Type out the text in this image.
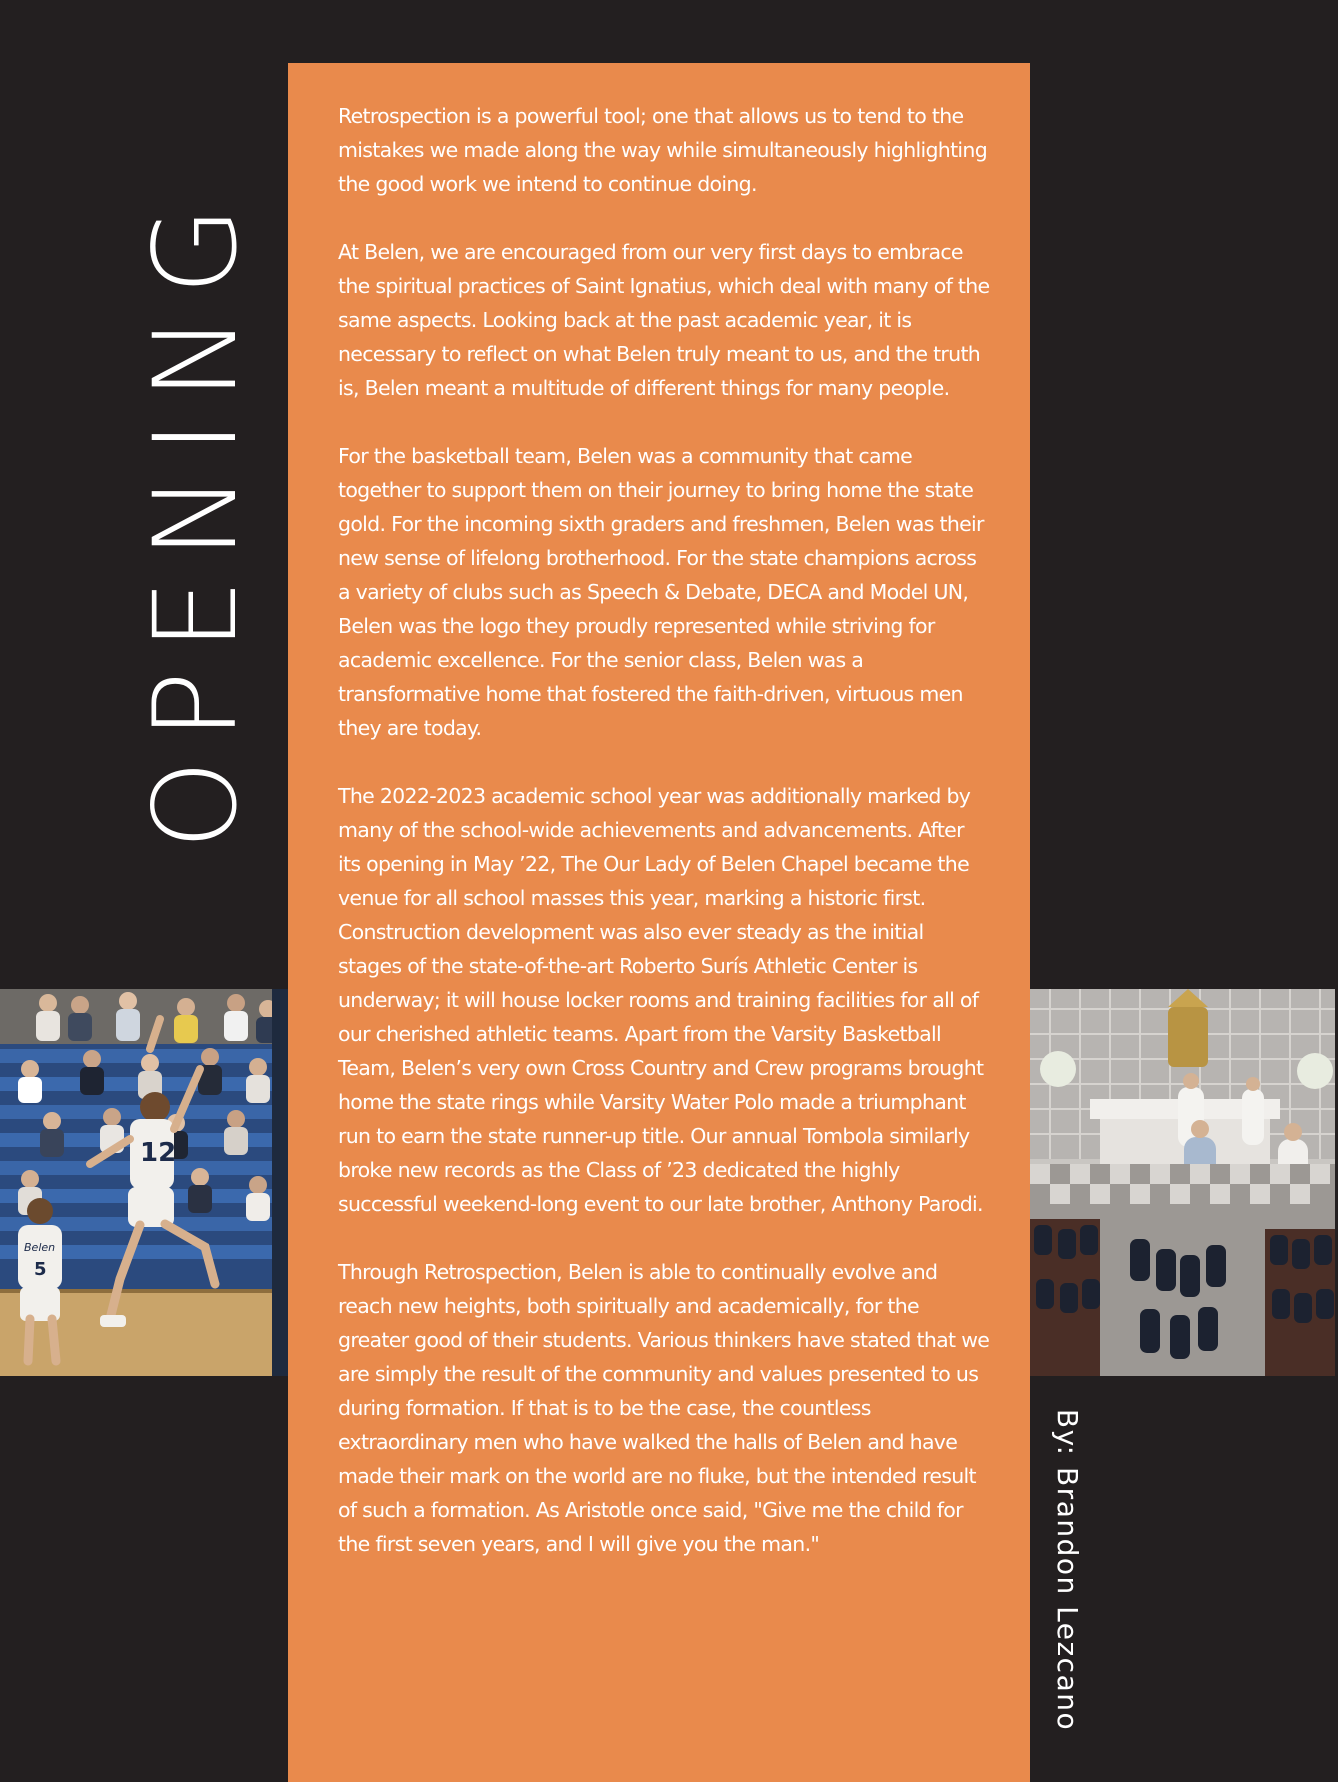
OPENING

Retrospection is a powerful tool; one that allows us to tend to the mistakes we made along the way while simultaneously highlighting the good work we intend to continue doing.

At Belen, we are encouraged from our very first days to embrace the spiritual practices of Saint Ignatius, which deal with many of the same aspects. Looking back at the past academic year, it is necessary to reflect on what Belen truly meant to us, and the truth is, Belen meant a multitude of different things for many people.

For the basketball team, Belen was a community that came together to support them on their journey to bring home the state gold. For the incoming sixth graders and freshmen, Belen was their new sense of lifelong brotherhood. For the state champions across a variety of clubs such as Speech & Debate, DECA and Model UN, Belen was the logo they proudly represented while striving for academic excellence. For the senior class, Belen was a transformative home that fostered the faith-driven, virtuous men they are today.

The 2022-2023 academic school year was additionally marked by many of the school-wide achievements and advancements. After its opening in May ’22, The Our Lady of Belen Chapel became the venue for all school masses this year, marking a historic first. Construction development was also ever steady as the initial stages of the state-of-the-art Roberto Surís Athletic Center is underway; it will house locker rooms and training facilities for all of our cherished athletic teams. Apart from the Varsity Basketball Team, Belen’s very own Cross Country and Crew programs brought home the state rings while Varsity Water Polo made a triumphant run to earn the state runner-up title. Our annual Tombola similarly broke new records as the Class of ’23 dedicated the highly successful weekend-long event to our late brother, Anthony Parodi.

Through Retrospection, Belen is able to continually evolve and reach new heights, both spiritually and academically, for the greater good of their students. Various thinkers have stated that we are simply the result of the community and values presented to us during formation. If that is to be the case, the countless extraordinary men who have walked the halls of Belen and have made their mark on the world are no fluke, but the intended result of such a formation. As Aristotle once said, "Give me the child for the first seven years, and I will give you the man."

12
Belen
5
By: Brandon Lezcano
